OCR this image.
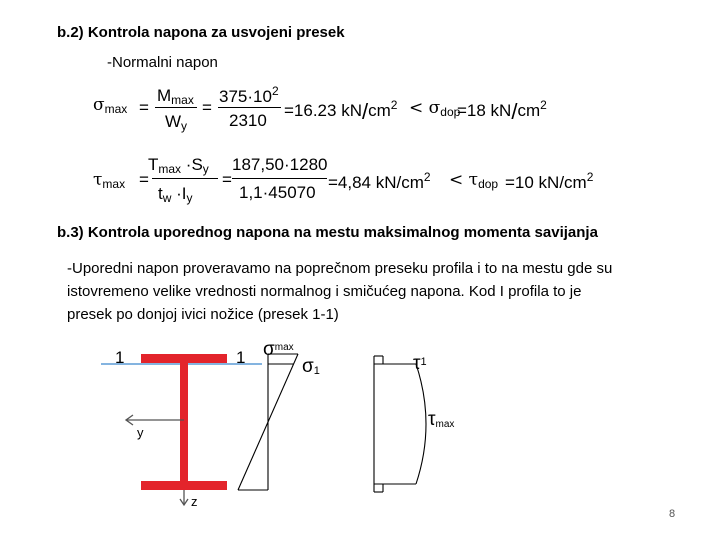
b.2) Kontrola napona za usvojeni presek
-Normalni napon
$\sigma_{max}$ =
$M_{max}$
$W_y$
=
$375\cdot 10^2$
2310
=16.23 $kN/cm^2 < \sigma_{dop}$
=18 $kN/cm^2$
$\tau_{max}$ =
$T_{max} \cdot S_y$
$t_w \cdot I_y$
=
187,50·1280
1,1·45070
=4,84 $kN/cm^2 < \tau_{dop} =10$ $kN/cm^2$
b.3) Kontrola uporednog napona na mestu maksimalnog momenta savijanja
-Uporedni napon proveravamo na poprečnom preseku profila i to na mestu gde su
istovremeno velike vrednosti normalnog i smičućeg napona. Kod I profila to je
presek po donjoj ivici nožice (presek 1-1)
y
z
1	1 $\sigma^{max}$
σ1	$\tau^1$
τmax
8
